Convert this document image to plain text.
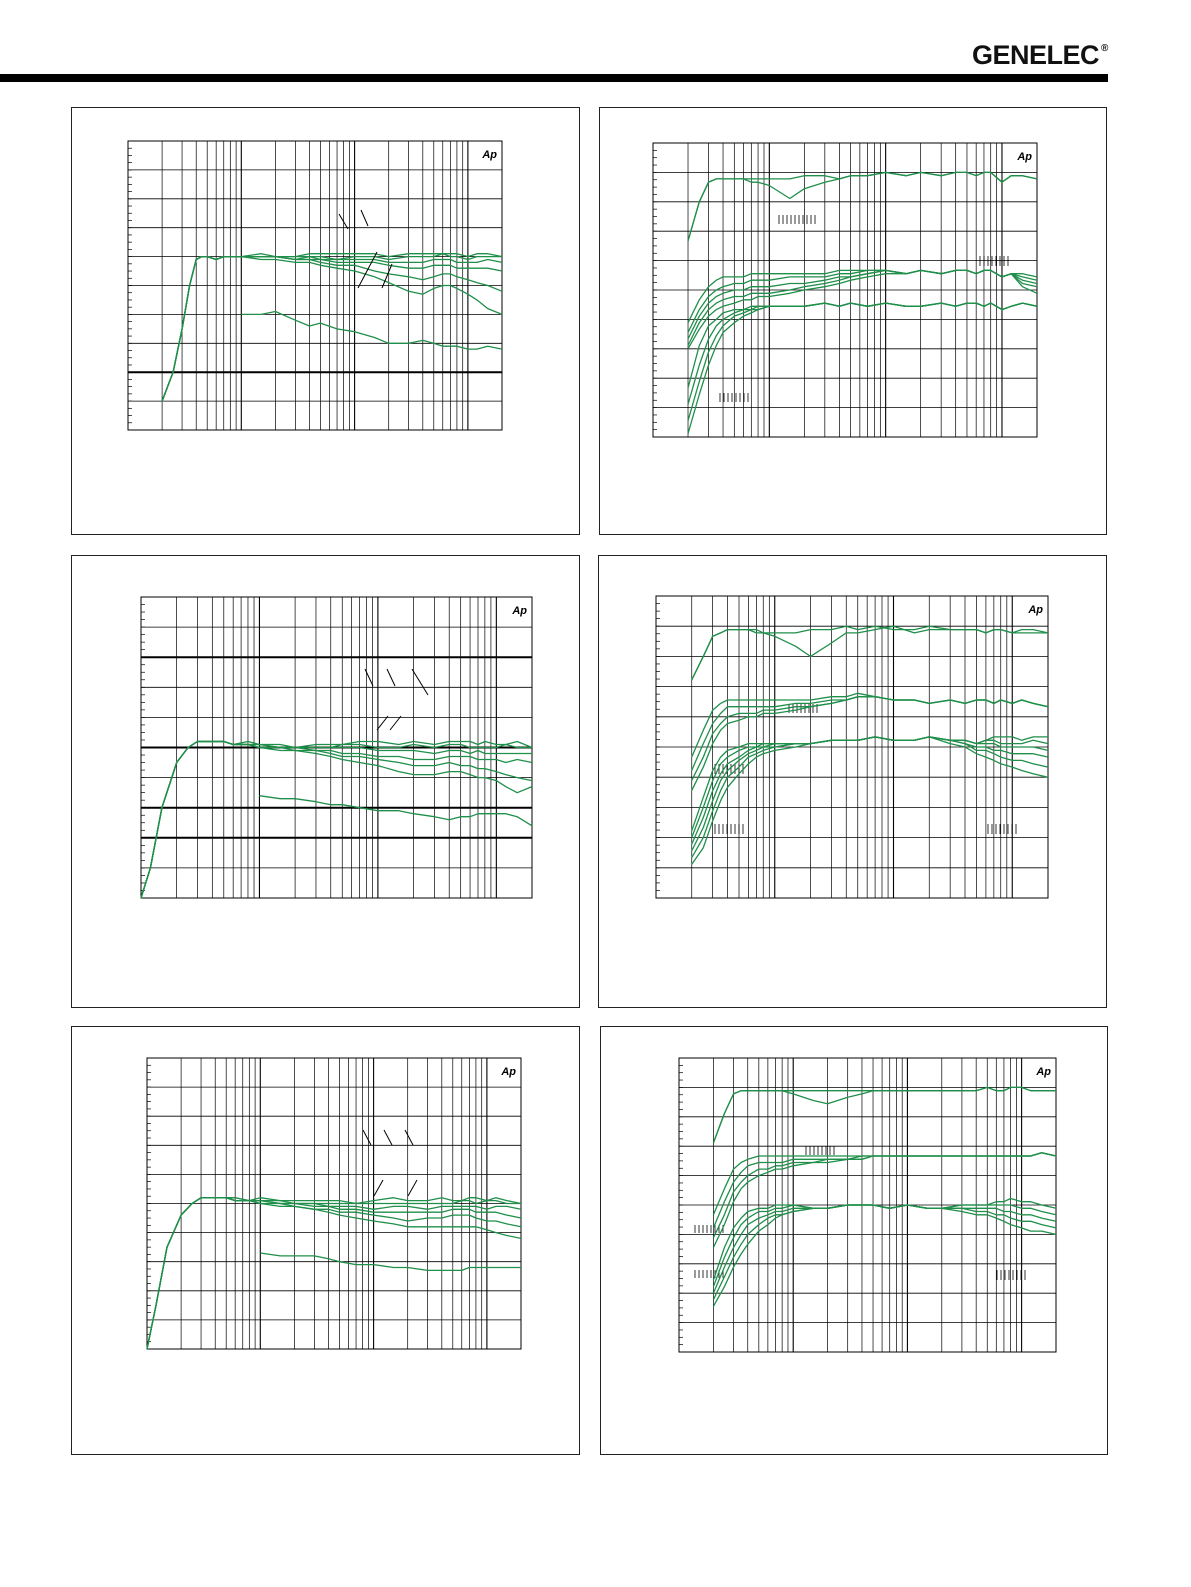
GENELEC ®
Ap	Ap
Ap	Ap
Ap	Ap
